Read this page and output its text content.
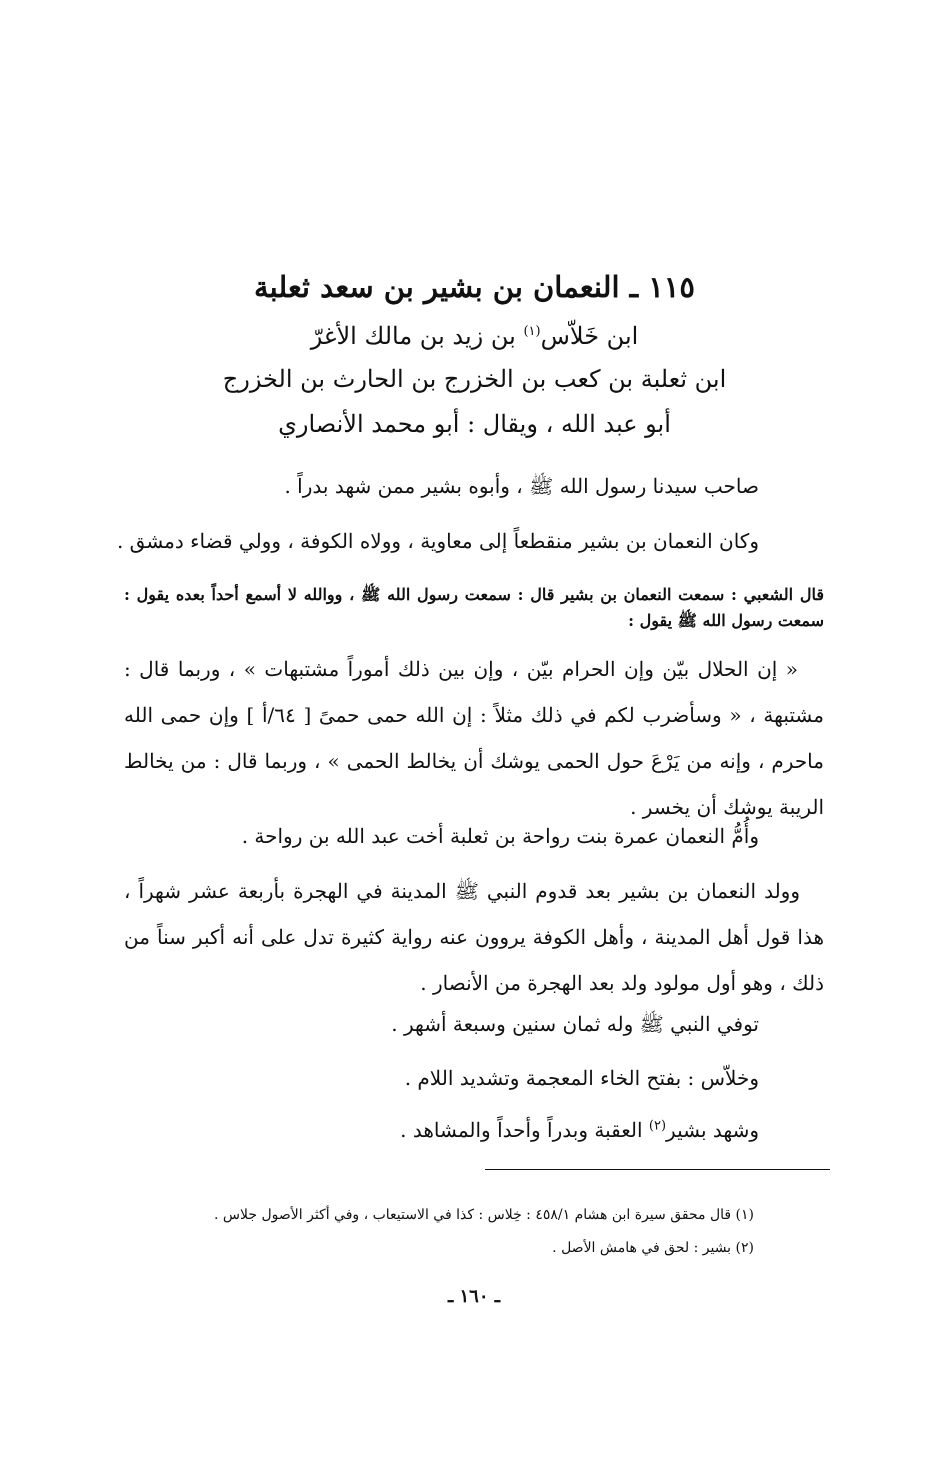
١١٥ ـ النعمان بن بشير بن سعد ثعلبة
ابن خَلاّس$^{(١)}$ بن زيد بن مالك الأغرّ
ابن ثعلبة بن كعب بن الخزرج بن الحارث بن الخزرج
أبو عبد الله ، ويقال : أبو محمد الأنصاري
صاحب سيدنا رسول الله ﷺ ، وأبوه بشير ممن شهد بدراً .
وكان النعمان بن بشير منقطعاً إلى معاوية ، وولاه الكوفة ، وولي قضاء دمشق .
قال الشعبي : سمعت النعمان بن بشير قال : سمعت رسول الله ﷺ ، ووالله لا أسمع أحداً بعده يقول : سمعت رسول الله ﷺ يقول :
« إن الحلال بيّن وإن الحرام بيّن ، وإن بين ذلك أموراً مشتبهات » ، وربما قال : مشتبهة ، « وسأضرب لكم في ذلك مثلاً : إن الله حمى حمىً [ ٦٤/أ ] وإن حمى الله ماحرم ، وإنه من يَرْعَ حول الحمى يوشك أن يخالط الحمى » ، وربما قال : من يخالط الريبة يوشك أن يخسر .
وأُمُّ النعمان عمرة بنت رواحة بن ثعلبة أخت عبد الله بن رواحة .
وولد النعمان بن بشير بعد قدوم النبي ﷺ المدينة في الهجرة بأربعة عشر شهراً ، هذا قول أهل المدينة ، وأهل الكوفة يروون عنه رواية كثيرة تدل على أنه أكبر سناً من ذلك ، وهو أول مولود ولد بعد الهجرة من الأنصار .
توفي النبي ﷺ وله ثمان سنين وسبعة أشهر .
وخلاّس : بفتح الخاء المعجمة وتشديد اللام .
وشهد بشير$^{(٢)}$ العقبة وبدراً وأحداً والمشاهد .
(١) قال محقق سيرة ابن هشام ٤٥٨/١ : خِلاس : كذا في الاستيعاب ، وفي أكثر الأصول جلاس .
(٢) بشير : لحق في هامش الأصل .
ـ ١٦٠ ـ
